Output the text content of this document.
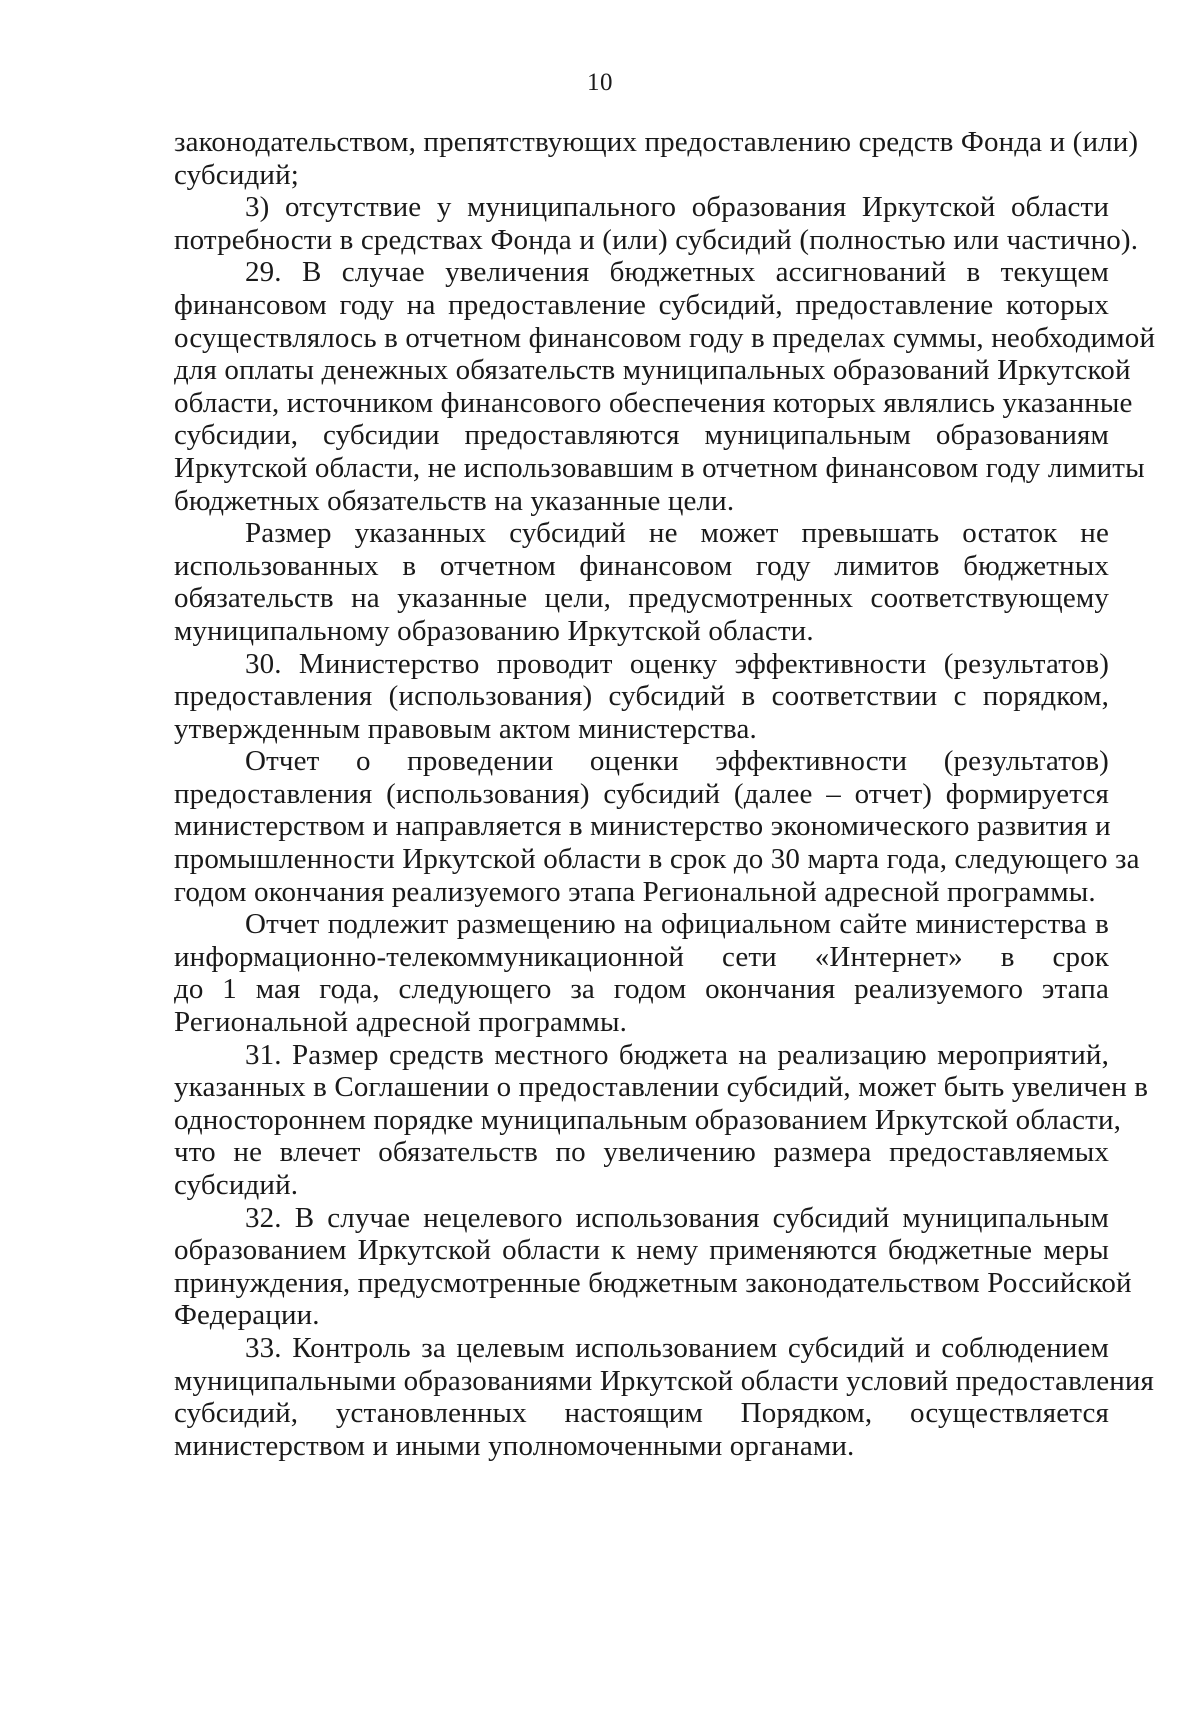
10
законодательством, препятствующих предоставлению средств Фонда и (или)
субсидий;
3) отсутствие у муниципального образования Иркутской области
потребности в средствах Фонда и (или) субсидий (полностью или частично).
29. В случае увеличения бюджетных ассигнований в текущем
финансовом году на предоставление субсидий, предоставление которых
осуществлялось в отчетном финансовом году в пределах суммы, необходимой
для оплаты денежных обязательств муниципальных образований Иркутской
области, источником финансового обеспечения которых являлись указанные
субсидии, субсидии предоставляются муниципальным образованиям
Иркутской области, не использовавшим в отчетном финансовом году лимиты
бюджетных обязательств на указанные цели.
Размер указанных субсидий не может превышать остаток не
использованных в отчетном финансовом году лимитов бюджетных
обязательств на указанные цели, предусмотренных соответствующему
муниципальному образованию Иркутской области.
30. Министерство проводит оценку эффективности (результатов)
предоставления (использования) субсидий в соответствии с порядком,
утвержденным правовым актом министерства.
Отчет о проведении оценки эффективности (результатов)
предоставления (использования) субсидий (далее – отчет) формируется
министерством и направляется в министерство экономического развития и
промышленности Иркутской области в срок до 30 марта года, следующего за
годом окончания реализуемого этапа Региональной адресной программы.
Отчет подлежит размещению на официальном сайте министерства в
информационно-телекоммуникационной сети «Интернет» в срок
до 1 мая года, следующего за годом окончания реализуемого этапа
Региональной адресной программы.
31. Размер средств местного бюджета на реализацию мероприятий,
указанных в Соглашении о предоставлении субсидий, может быть увеличен в
одностороннем порядке муниципальным образованием Иркутской области,
что не влечет обязательств по увеличению размера предоставляемых
субсидий.
32. В случае нецелевого использования субсидий муниципальным
образованием Иркутской области к нему применяются бюджетные меры
принуждения, предусмотренные бюджетным законодательством Российской
Федерации.
33. Контроль за целевым использованием субсидий и соблюдением
муниципальными образованиями Иркутской области условий предоставления
субсидий, установленных настоящим Порядком, осуществляется
министерством и иными уполномоченными органами.
